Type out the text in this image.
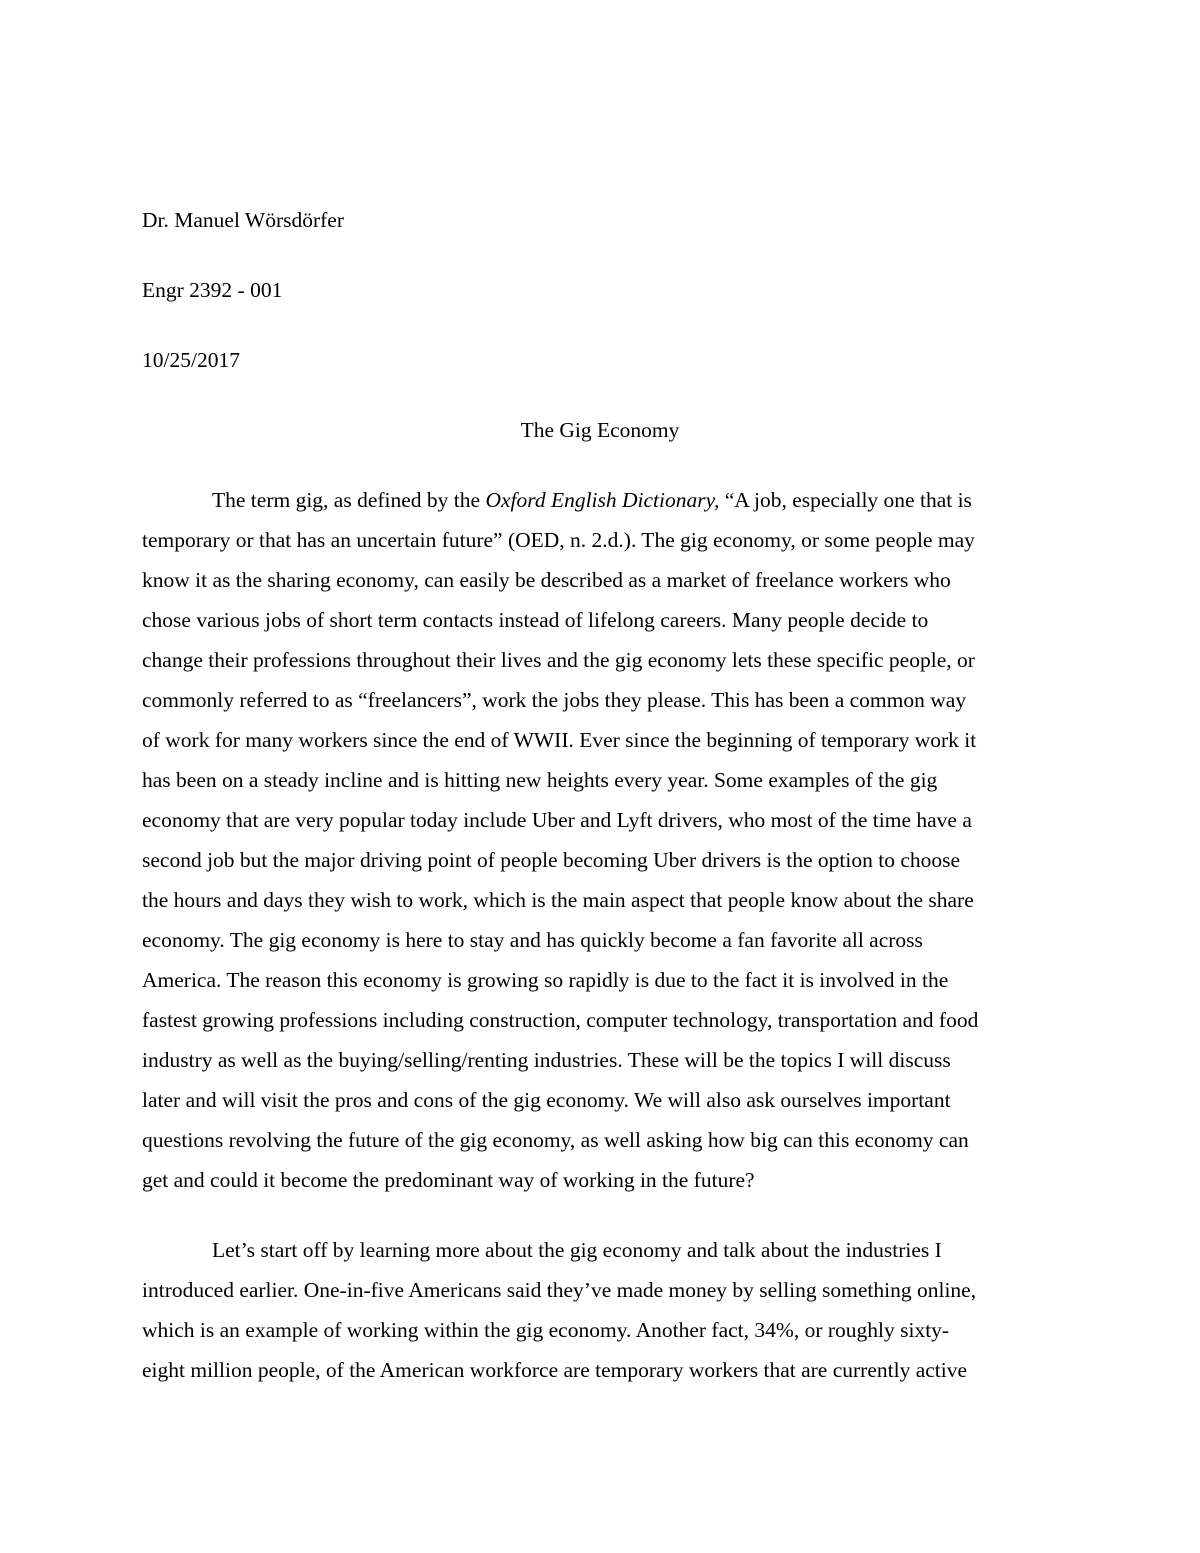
Dr. Manuel Wörsdörfer
Engr 2392 - 001
10/25/2017
The Gig Economy
The term gig, as defined by the Oxford English Dictionary, “A job, especially one that is
temporary or that has an uncertain future” (OED, n. 2.d.). The gig economy, or some people may
know it as the sharing economy, can easily be described as a market of freelance workers who
chose various jobs of short term contacts instead of lifelong careers. Many people decide to
change their professions throughout their lives and the gig economy lets these specific people, or
commonly referred to as “freelancers”, work the jobs they please. This has been a common way
of work for many workers since the end of WWII. Ever since the beginning of temporary work it
has been on a steady incline and is hitting new heights every year. Some examples of the gig
economy that are very popular today include Uber and Lyft drivers, who most of the time have a
second job but the major driving point of people becoming Uber drivers is the option to choose
the hours and days they wish to work, which is the main aspect that people know about the share
economy. The gig economy is here to stay and has quickly become a fan favorite all across
America. The reason this economy is growing so rapidly is due to the fact it is involved in the
fastest growing professions including construction, computer technology, transportation and food
industry as well as the buying/selling/renting industries. These will be the topics I will discuss
later and will visit the pros and cons of the gig economy. We will also ask ourselves important
questions revolving the future of the gig economy, as well asking how big can this economy can
get and could it become the predominant way of working in the future?
Let’s start off by learning more about the gig economy and talk about the industries I
introduced earlier. One-in-five Americans said they’ve made money by selling something online,
which is an example of working within the gig economy. Another fact, 34%, or roughly sixty-
eight million people, of the American workforce are temporary workers that are currently active
